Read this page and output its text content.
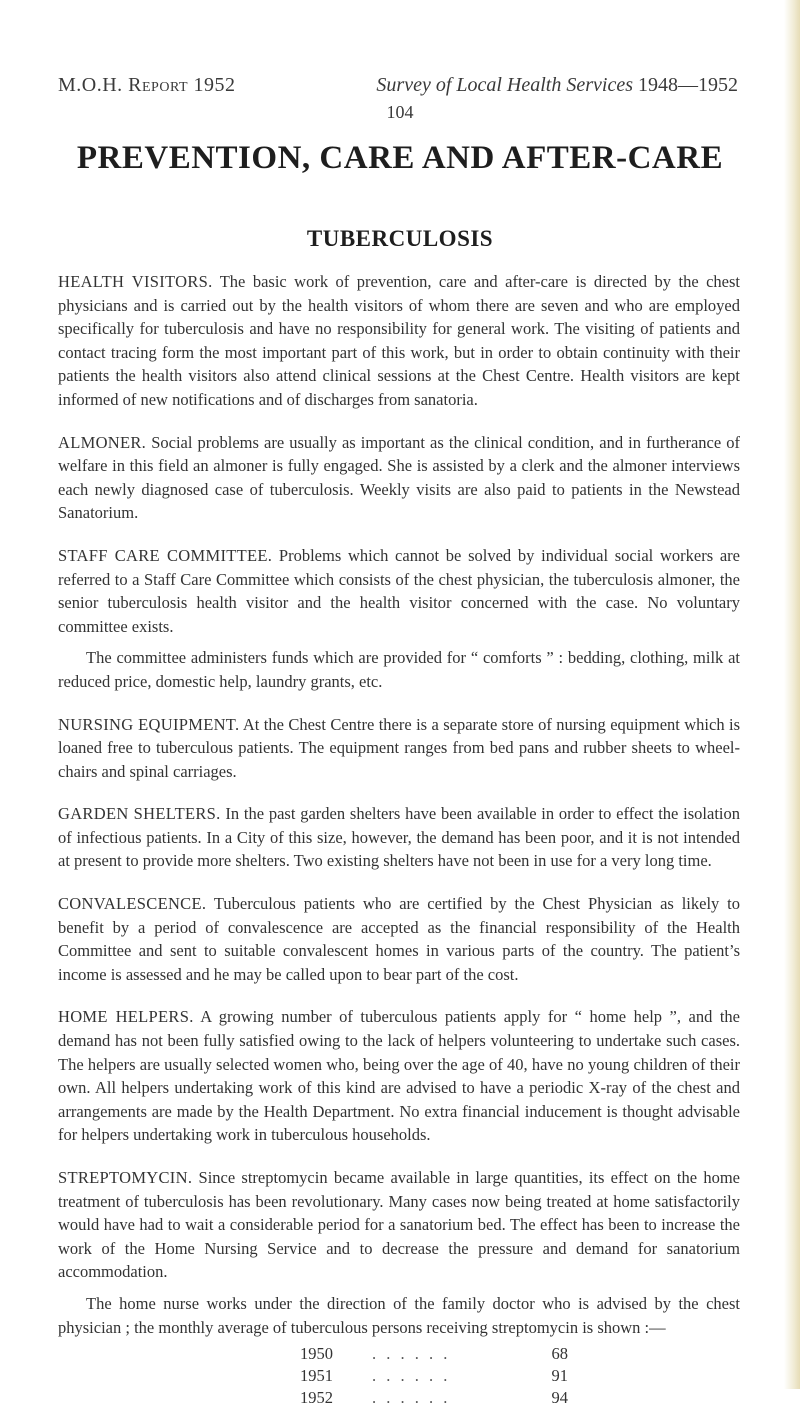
M.O.H. Report 1952	Survey of Local Health Services 1948—1952
104
PREVENTION, CARE AND AFTER-CARE
TUBERCULOSIS

HEALTH VISITORS. The basic work of prevention, care and after-care is directed by the chest physicians and is carried out by the health visitors of whom there are seven and who are employed specifically for tuberculosis and have no responsibility for general work. The visiting of patients and contact tracing form the most important part of this work, but in order to obtain continuity with their patients the health visitors also attend clinical sessions at the Chest Centre. Health visitors are kept informed of new notifications and of discharges from sanatoria.

ALMONER. Social problems are usually as important as the clinical condition, and in furtherance of welfare in this field an almoner is fully engaged. She is assisted by a clerk and the almoner interviews each newly diagnosed case of tuberculosis. Weekly visits are also paid to patients in the Newstead Sanatorium.

STAFF CARE COMMITTEE. Problems which cannot be solved by individual social workers are referred to a Staff Care Committee which consists of the chest physician, the tuberculosis almoner, the senior tuberculosis health visitor and the health visitor concerned with the case. No voluntary committee exists.

The committee administers funds which are provided for “ comforts ” : bedding, clothing, milk at reduced price, domestic help, laundry grants, etc.

NURSING EQUIPMENT. At the Chest Centre there is a separate store of nursing equipment which is loaned free to tuberculous patients. The equipment ranges from bed pans and rubber sheets to wheel-chairs and spinal carriages.

GARDEN SHELTERS. In the past garden shelters have been available in order to effect the isolation of infectious patients. In a City of this size, however, the demand has been poor, and it is not intended at present to provide more shelters. Two existing shelters have not been in use for a very long time.

CONVALESCENCE. Tuberculous patients who are certified by the Chest Physician as likely to benefit by a period of convalescence are accepted as the financial responsibility of the Health Committee and sent to suitable convalescent homes in various parts of the country. The patient’s income is assessed and he may be called upon to bear part of the cost.

HOME HELPERS. A growing number of tuberculous patients apply for “ home help ”, and the demand has not been fully satisfied owing to the lack of helpers volunteering to undertake such cases. The helpers are usually selected women who, being over the age of 40, have no young children of their own. All helpers undertaking work of this kind are advised to have a periodic X-ray of the chest and arrangements are made by the Health Department. No extra financial inducement is thought advisable for helpers undertaking work in tuberculous households.

STREPTOMYCIN. Since streptomycin became available in large quantities, its effect on the home treatment of tuberculosis has been revolutionary. Many cases now being treated at home satisfactorily would have had to wait a considerable period for a sanatorium bed. The effect has been to increase the work of the Home Nursing Service and to decrease the pressure and demand for sanatorium accommodation.

The home nurse works under the direction of the family doctor who is advised by the chest physician ; the monthly average of tuberculous persons receiving streptomycin is shown :—

1950	. . . . . .	68
1951	. . . . . .	91
1952	. . . . . .	94
